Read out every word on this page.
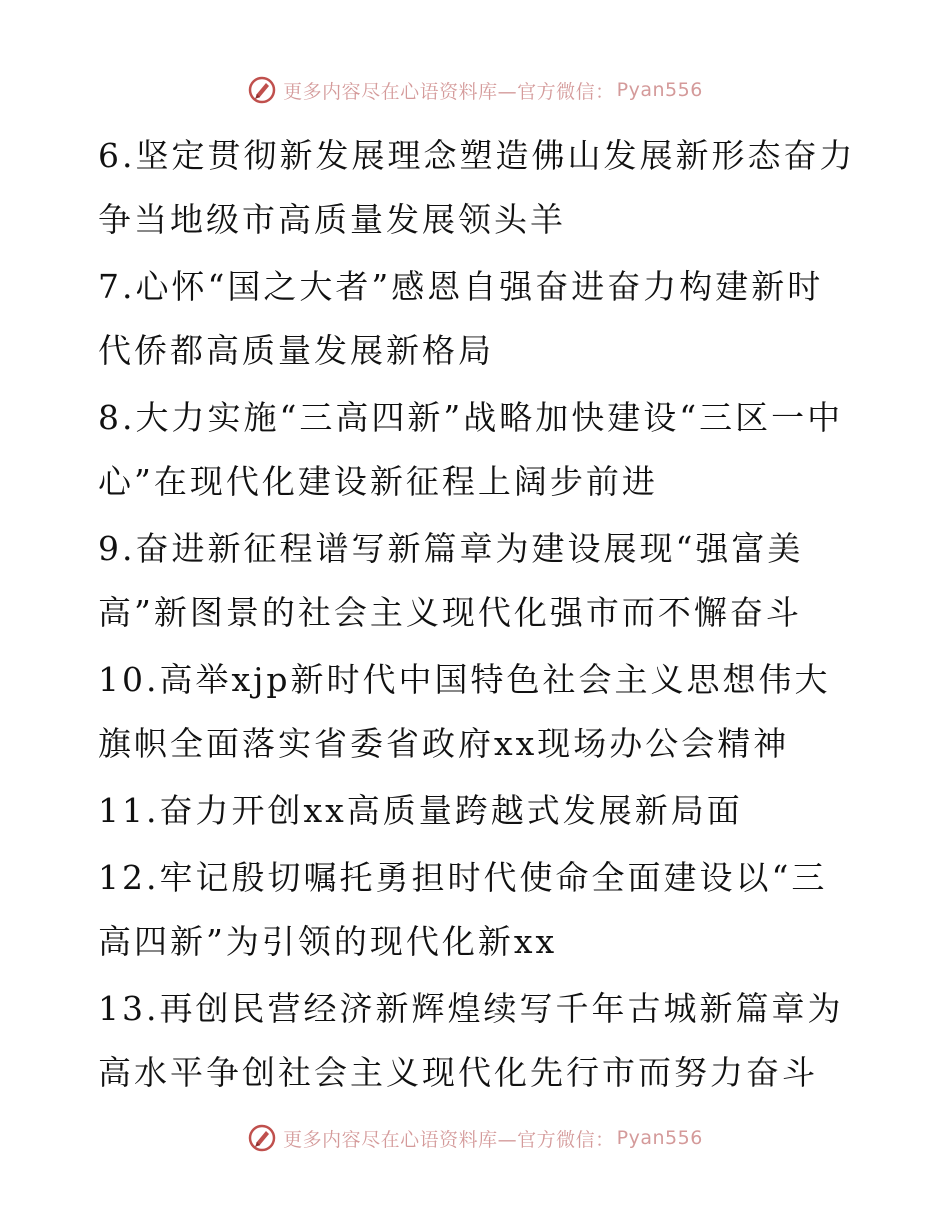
更多内容尽在心语资料库—官方微信： Pyan556

6.坚定贯彻新发展理念塑造佛山发展新形态奋力争当地级市高质量发展领头羊

7.心怀“国之大者”感恩自强奋进奋力构建新时代侨都高质量发展新格局

8.大力实施“三高四新”战略加快建设“三区一中心”在现代化建设新征程上阔步前进

9.奋进新征程谱写新篇章为建设展现“强富美高”新图景的社会主义现代化强市而不懈奋斗

10.高举xjp新时代中国特色社会主义思想伟大旗帜全面落实省委省政府xx现场办公会精神

11.奋力开创xx高质量跨越式发展新局面

12.牢记殷切嘱托勇担时代使命全面建设以“三高四新”为引领的现代化新xx

13.再创民营经济新辉煌续写千年古城新篇章为高水平争创社会主义现代化先行市而努力奋斗

更多内容尽在心语资料库—官方微信： Pyan556
